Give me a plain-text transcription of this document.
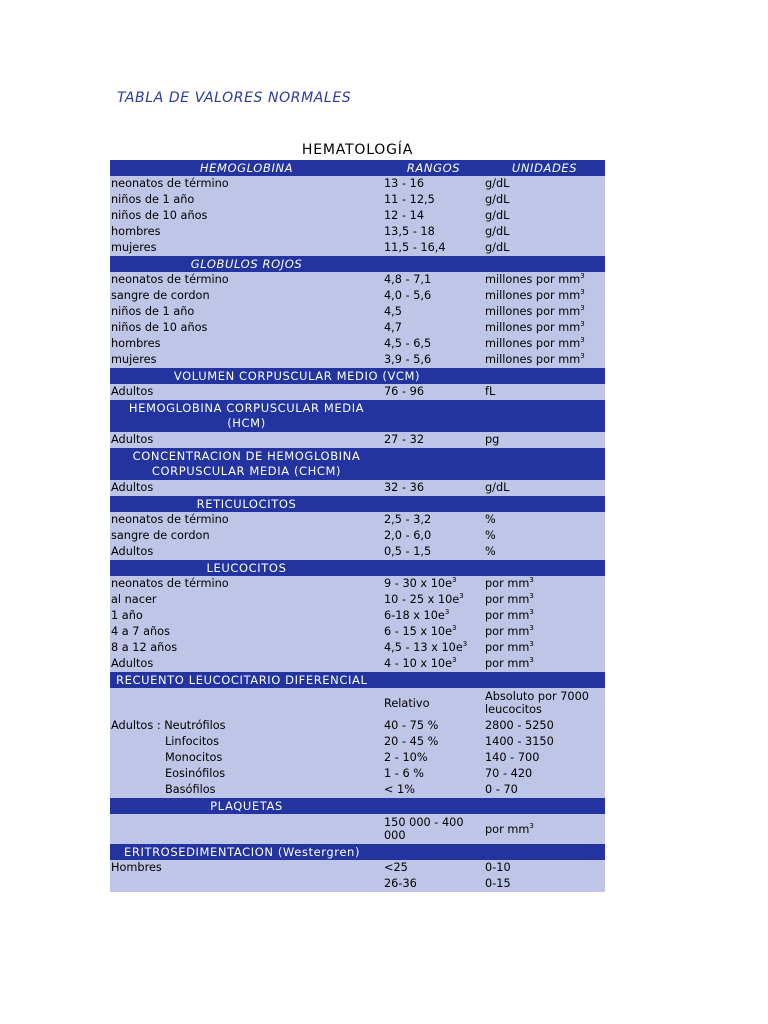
TABLA DE VALORES NORMALES
HEMATOLOGÍA
HEMOGLOBINA	RANGOS	UNIDADES
neonatos de término	13 - 16	g/dL
niños de 1 año	11 - 12,5	g/dL
niños de 10 años	12 - 14	g/dL
hombres	13,5 - 18	g/dL
mujeres	11,5 - 16,4	g/dL
GLOBULOS ROJOS		
neonatos de término	4,8 - 7,1	millones por $mm^3$
sangre de cordon	4,0 - 5,6	millones por $mm^3$
niños de 1 año	4,5	millones por $mm^3$
niños de 10 años	4,7	millones por $mm^3$
hombres	4,5 - 6,5	millones por $mm^3$
mujeres	3,9 - 5,6	millones por $mm^3$
VOLUMEN CORPUSCULAR MEDIO (VCM)		
Adultos	76 - 96	fL
HEMOGLOBINA CORPUSCULAR MEDIA (HCM)		
Adultos	27 - 32	pg
CONCENTRACION DE HEMOGLOBINA CORPUSCULAR MEDIA (CHCM)		
Adultos	32 - 36	g/dL
RETICULOCITOS		
neonatos de término	2,5 - 3,2	%
sangre de cordon	2,0 - 6,0	%
Adultos	0,5 - 1,5	%
LEUCOCITOS		
neonatos de término	9 - 30 x $10e^3$	por $mm^3$
al nacer	10 - 25 x $10e^3$	por $mm^3$
1 año	6-18 x $10e^3$	por $mm^3$
4 a 7 años	6 - 15 x $10e^3$	por $mm^3$
8 a 12 años	4,5 - 13 x $10e^3$	por $mm^3$
Adultos	4 - 10 x $10e^3$	por $mm^3$
RECUENTO LEUCOCITARIO DIFERENCIAL		
	Relativo	Absoluto por 7000 leucocitos
Adultos : Neutrófilos	40 - 75 %	2800 - 5250
Linfocitos	20 - 45 %	1400 - 3150
Monocitos	2 - 10%	140 - 700
Eosinófilos	1 - 6 %	70 - 420
Basófilos	< 1%	0 - 70
PLAQUETAS		
	150 000 - 400 000	por $mm^3$
ERITROSEDIMENTACION (Westergren)		
Hombres	<25	0-10
	26-36	0-15
